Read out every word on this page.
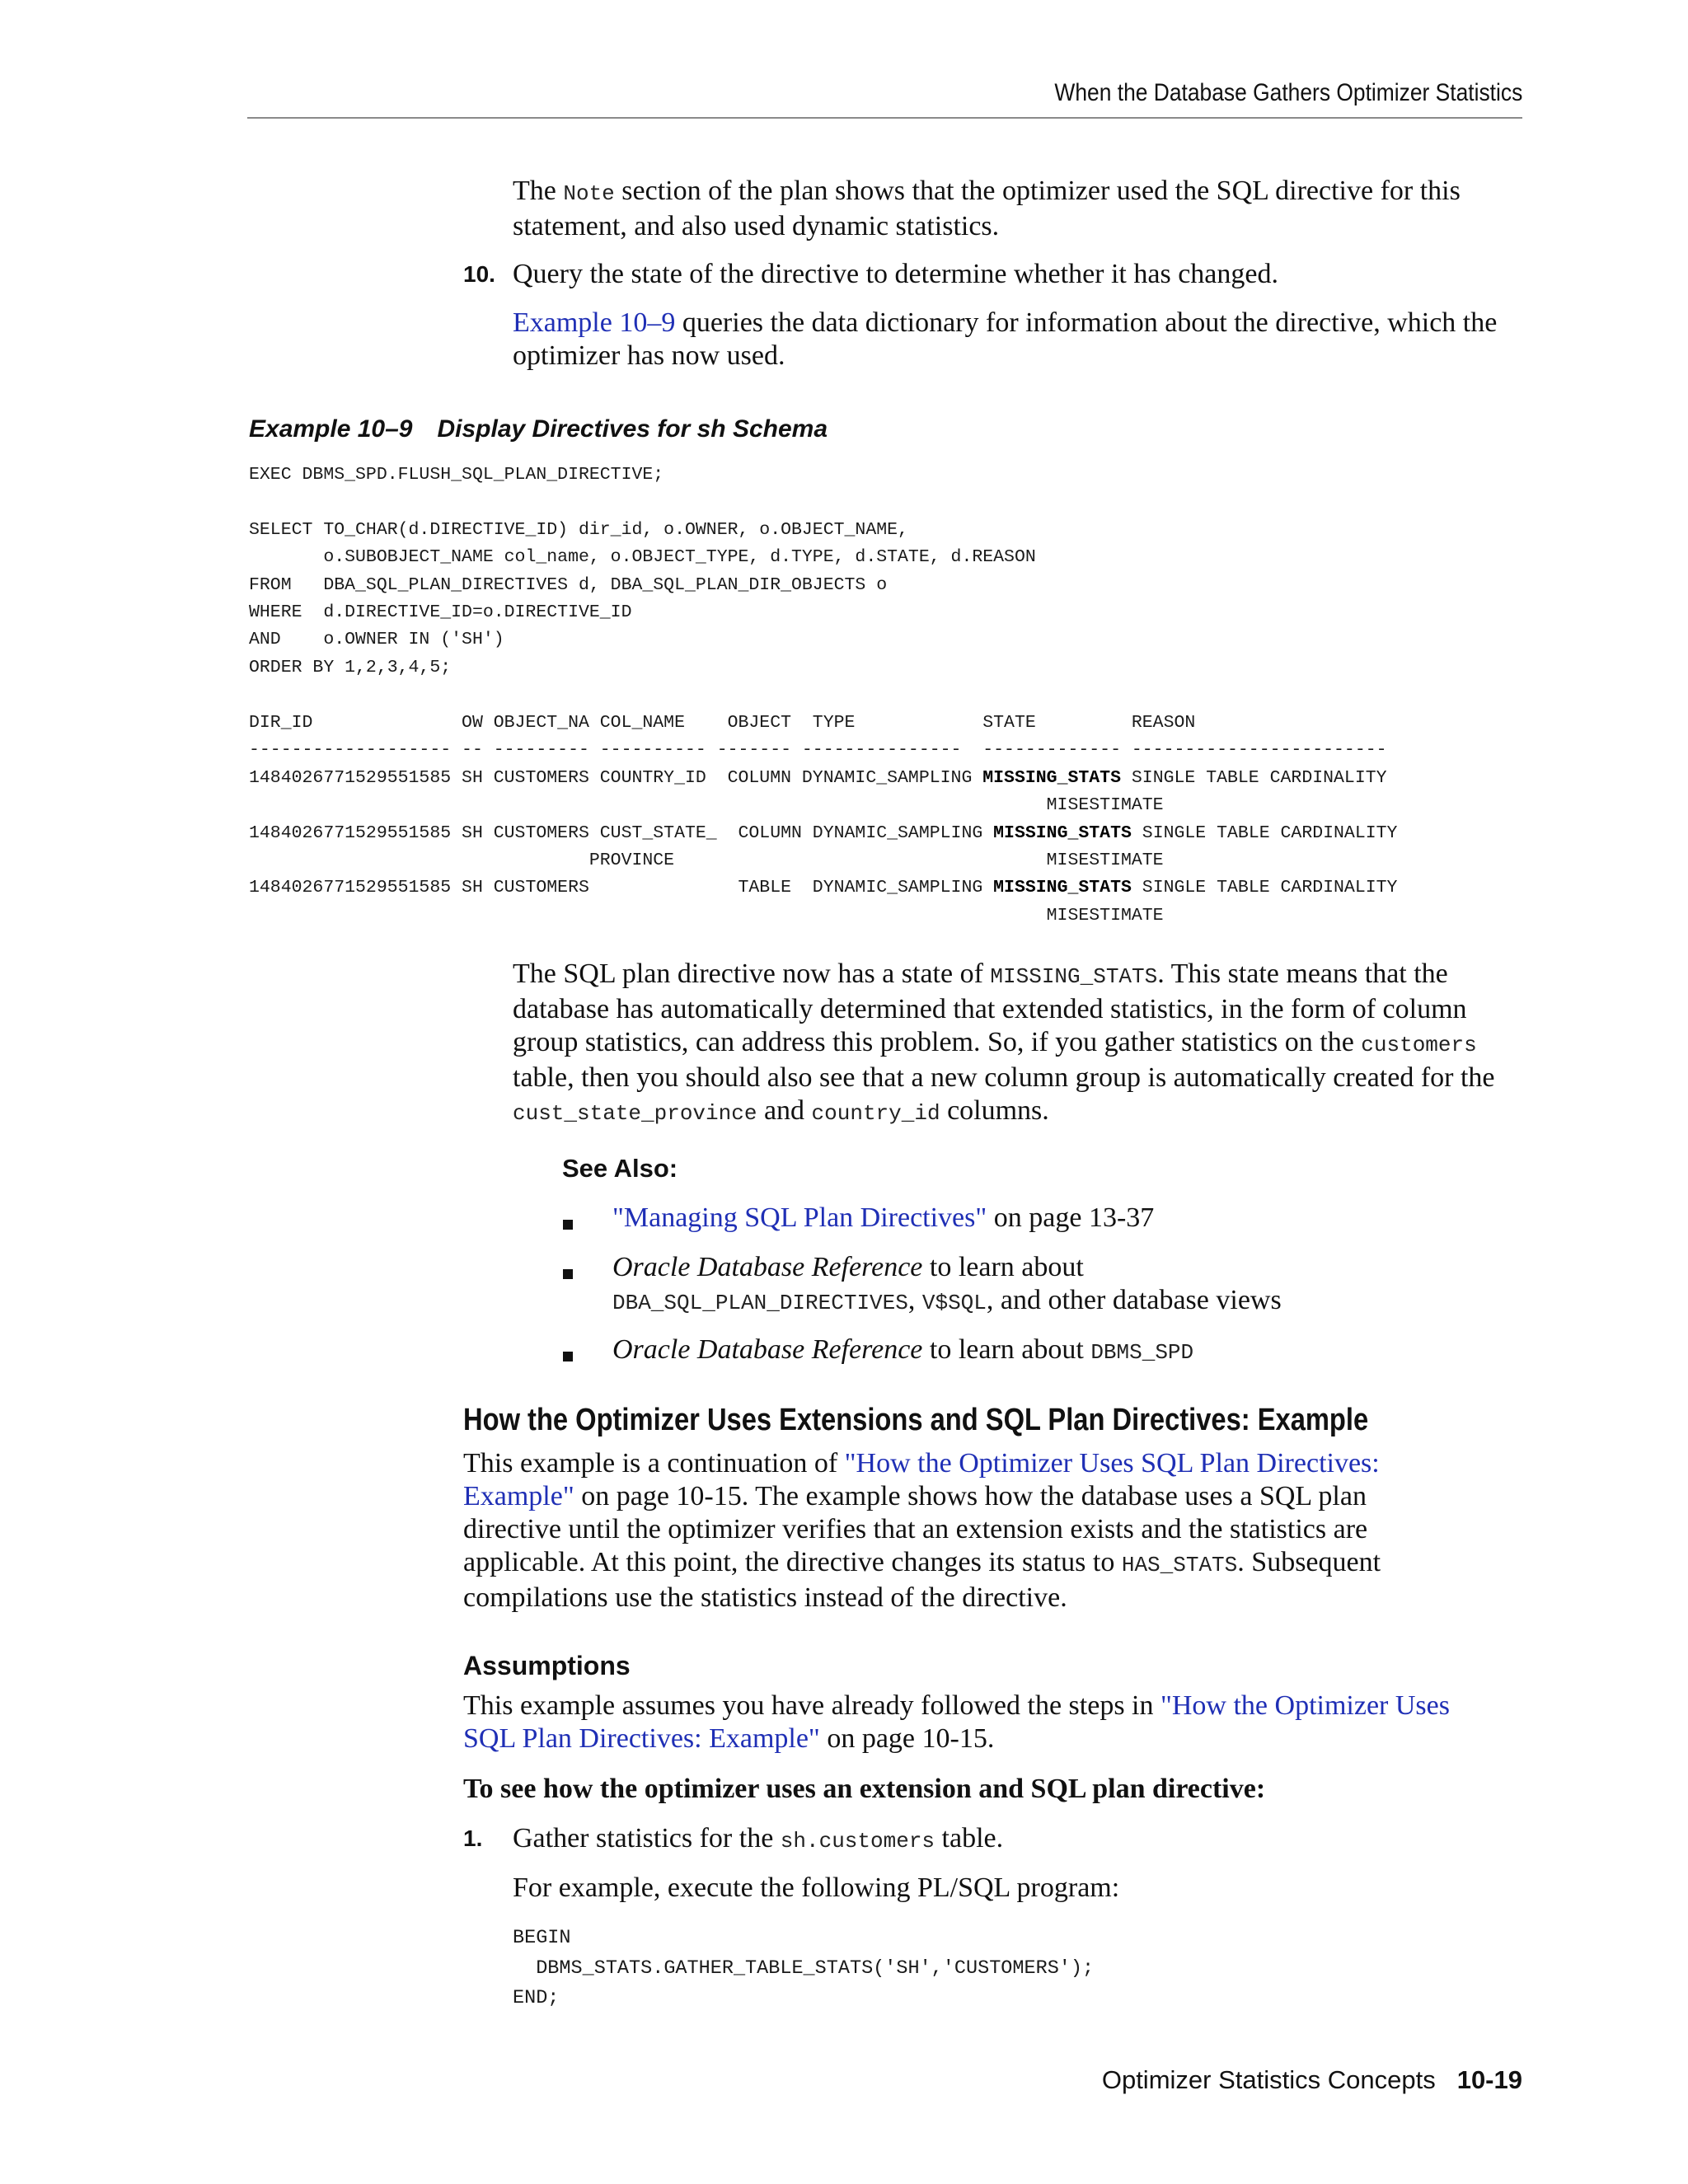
When the Database Gathers Optimizer Statistics

The Note section of the plan shows that the optimizer used the SQL directive for this statement, and also used dynamic statistics.

10. Query the state of the directive to determine whether it has changed.

Example 10–9 queries the data dictionary for information about the directive, which the optimizer has now used.

Example 10–9 Display Directives for sh Schema

EXEC DBMS_SPD.FLUSH_SQL_PLAN_DIRECTIVE;

SELECT TO_CHAR(d.DIRECTIVE_ID) dir_id, o.OWNER, o.OBJECT_NAME,
o.SUBOBJECT_NAME col_name, o.OBJECT_TYPE, d.TYPE, d.STATE, d.REASON
FROM   DBA_SQL_PLAN_DIRECTIVES d, DBA_SQL_PLAN_DIR_OBJECTS o
WHERE  d.DIRECTIVE_ID=o.DIRECTIVE_ID
AND    o.OWNER IN ('SH')
ORDER BY 1,2,3,4,5;
DIR_ID              OW OBJECT_NA COL_NAME    OBJECT  TYPE            STATE         REASON
------------------- -- --------- ---------- ------- ---------------  ------------- ------------------------
1484026771529551585 SH CUSTOMERS COUNTRY_ID  COLUMN DYNAMIC_SAMPLING MISSING_STATS SINGLE TABLE CARDINALITY
MISESTIMATE
1484026771529551585 SH CUSTOMERS CUST_STATE_  COLUMN DYNAMIC_SAMPLING MISSING_STATS SINGLE TABLE CARDINALITY
PROVINCE                                   MISESTIMATE
1484026771529551585 SH CUSTOMERS              TABLE  DYNAMIC_SAMPLING MISSING_STATS SINGLE TABLE CARDINALITY
MISESTIMATE

The SQL plan directive now has a state of MISSING_STATS. This state means that the database has automatically determined that extended statistics, in the form of column group statistics, can address this problem. So, if you gather statistics on the customers table, then you should also see that a new column group is automatically created for the cust_state_province and country_id columns.

See Also:

"Managing SQL Plan Directives" on page 13-37

Oracle Database Reference to learn about
DBA_SQL_PLAN_DIRECTIVES, V$SQL, and other database views

Oracle Database Reference to learn about DBMS_SPD

How the Optimizer Uses Extensions and SQL Plan Directives: Example

This example is a continuation of "How the Optimizer Uses SQL Plan Directives: Example" on page 10-15. The example shows how the database uses a SQL plan directive until the optimizer verifies that an extension exists and the statistics are applicable. At this point, the directive changes its status to HAS_STATS. Subsequent compilations use the statistics instead of the directive.

Assumptions

This example assumes you have already followed the steps in "How the Optimizer Uses SQL Plan Directives: Example" on page 10-15.

To see how the optimizer uses an extension and SQL plan directive:

1. Gather statistics for the sh.customers table.

For example, execute the following PL/SQL program:

BEGIN
DBMS_STATS.GATHER_TABLE_STATS('SH','CUSTOMERS');
END;
Optimizer Statistics Concepts 10-19
